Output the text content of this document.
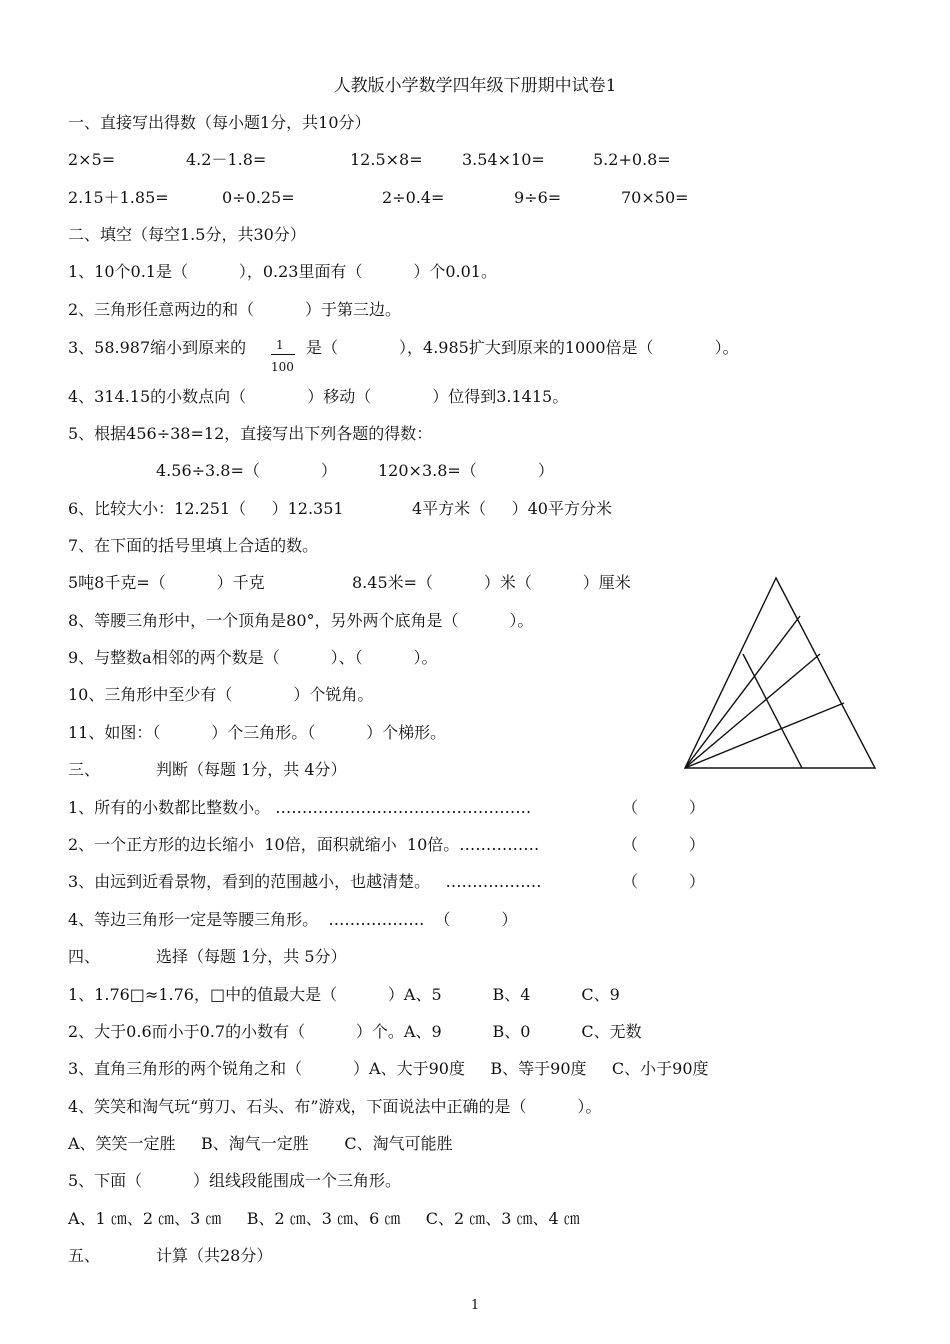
人教版小学数学四年级下册期中试卷1
一、直接写出得数（每小题1分，共10分）
2×5=	4.2－1.8=	12.5×8= 3.54×10=	5.2+0.8=
2.15＋1.85=	0÷0.25=	2÷0.4=	9÷6=	70×50=
二、填空（每空1.5分，共30分）
1、10个0.1是（          ），0.23里面有（          ）个0.01。
2、三角形任意两边的和（          ）于第三边。
3、58.987缩小到原来的 1
100
是（            ），4.985扩大到原来的1000倍是（            ）。
4、314.15的小数点向（            ）移动（            ）位得到3.1415。
5、根据456÷38=12，直接写出下列各题的得数：
4.56÷3.8=（            ）	120×3.8=（            ）
6、比较大小：12.251（     ）12.351	4平方米（     ）40平方分米
7、在下面的括号里填上合适的数。
5吨8千克=（          ）千克	8.45米=（          ）米（          ）厘米
8、等腰三角形中，一个顶角是80°，另外两个底角是（          ）。
9、与整数a相邻的两个数是（          ）、（          ）。
10、三角形中至少有（            ）个锐角。
11、如图：（          ）个三角形。（          ）个梯形。
三、	判断（每题 1分，共 4分）
1、所有的小数都比整数小。 …………………………………………	（          ）
2、一个正方形的边长缩小  10倍，面积就缩小  10倍。……………	（          ）
3、由远到近看景物，看到的范围越小，也越清楚。   ………………	（          ）
4、等边三角形一定是等腰三角形。  ………………  （          ）
四、	选择（每题 1分，共 5分）
1、1.76□≈1.76，□中的值最大是（          ）A、5          B、4          C、9
2、大于0.6而小于0.7的小数有（          ）个。A、9          B、0          C、无数
3、直角三角形的两个锐角之和（          ）A、大于90度     B、等于90度     C、小于90度
4、笑笑和淘气玩“剪刀、石头、布”游戏，下面说法中正确的是（          ）。
A、笑笑一定胜     B、淘气一定胜       C、淘气可能胜
5、下面（          ）组线段能围成一个三角形。
A、1 ㎝、2 ㎝、3 ㎝     B、2 ㎝、3 ㎝、6 ㎝     C、2 ㎝、3 ㎝、4 ㎝
五、	计算（共28分）
1
